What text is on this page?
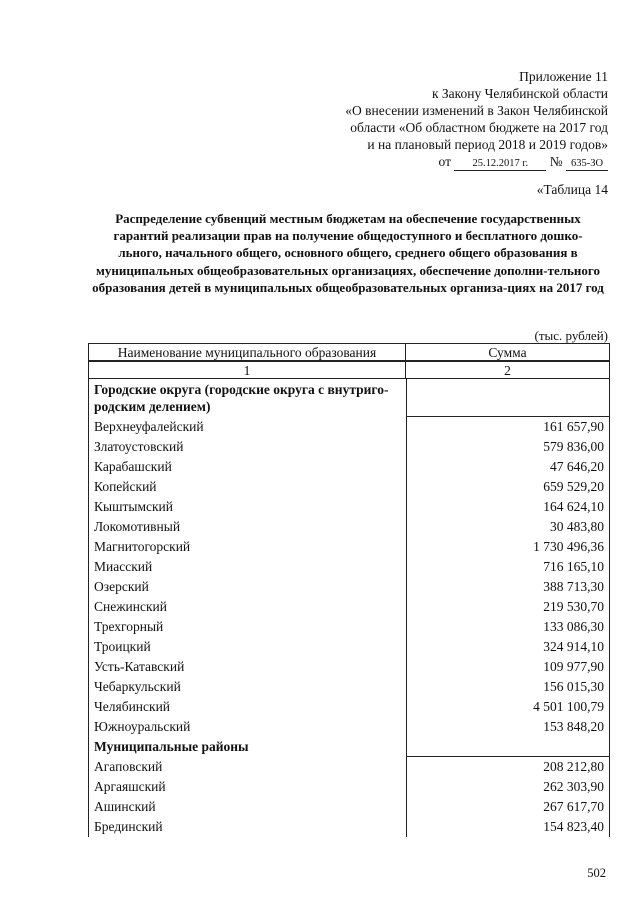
Приложение 11
к Закону Челябинской области
«О внесении изменений в Закон Челябинской
области «Об областном бюджете на 2017 год
и на плановый период 2018 и 2019 годов»
от 25.12.2017 г. № 635-ЗО
«Таблица 14
Распределение субвенций местным бюджетам на обеспечение государственных гарантий реализации прав на получение общедоступного и бесплатного дошко-льного, начального общего, основного общего, среднего общего образования в муниципальных общеобразовательных организациях, обеспечение дополни-тельного образования детей в муниципальных общеобразовательных организа-циях на 2017 год
(тыс. рублей)
Наименование муниципального образования	Сумма
1	2
Городские округа (городские округа с внутриго-родским делением)
Верхнеуфалейский	161 657,90
Златоустовский	579 836,00
Карабашский	47 646,20
Копейский	659 529,20
Кыштымский	164 624,10
Локомотивный	30 483,80
Магнитогорский	1 730 496,36
Миасский	716 165,10
Озерский	388 713,30
Снежинский	219 530,70
Трехгорный	133 086,30
Троицкий	324 914,10
Усть-Катавский	109 977,90
Чебаркульский	156 015,30
Челябинский	4 501 100,79
Южноуральский	153 848,20
Муниципальные районы
Агаповский	208 212,80
Аргаяшский	262 303,90
Ашинский	267 617,70
Брединский	154 823,40
502
